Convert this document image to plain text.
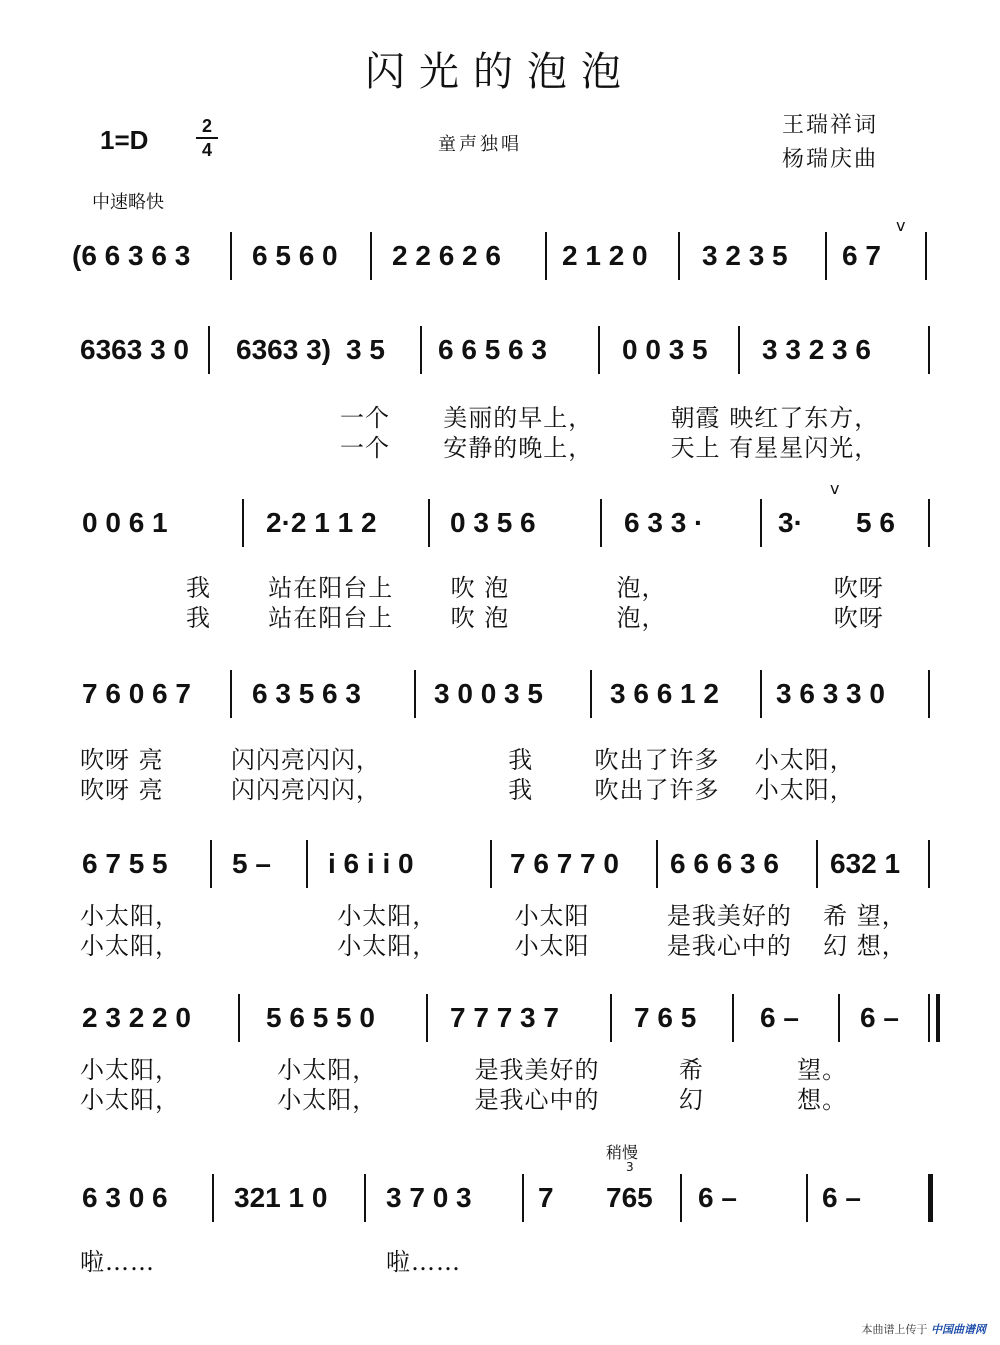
闪光的泡泡
1=D	2
4	童声独唱
王瑞祥词
杨瑞庆曲
中速略快
(6 6 3 6 3 6 5 6 0 2 2 6 2 6 2 1 2 0 3 2 3 5 6 7
v
6363 3 0 6363 3) 3 5 6 6 5 6 3	0 0 3 5 3 3 2 3 6
一个 美丽的早上，	朝霞 映红了东方，
一个 安静的晚上，	天上 有星星闪光，
0 0 6 1	2·2 1 1 2	0 3 5 6	6 3 3 ·	3· 5 6
v
我 站在阳台上 吹 泡	泡，	吹呀
我 站在阳台上 吹 泡	泡，	吹呀
7 6 0 6 7 6 3 5 6 3	3 0 0 3 5 3 6 6 1 2 3 6 3 3 0
吹呀 亮	闪闪亮闪闪，	我	吹出了许多 小太阳，
吹呀 亮	闪闪亮闪闪，	我	吹出了许多 小太阳，
6 7 5 5 5 – i 6 i i 0	7 6 7 7 0 6 6 6 3 6 632 1
小太阳，	小太阳，	小太阳	是我美好的 希 望，
小太阳，	小太阳，	小太阳	是我心中的 幻 想，
2 3 2 2 0	5 6 5 5 0	7 7 7 3 7	7 6 5 6 – 6 –
小太阳，	小太阳，	是我美好的	希	望。
小太阳，	小太阳，	是我心中的	幻	想。
稍慢
3
6 3 0 6 321 1 0 3 7 0 3 7 765 6 –	6 –
啦……	啦……
本曲谱上传于 中国曲谱网
